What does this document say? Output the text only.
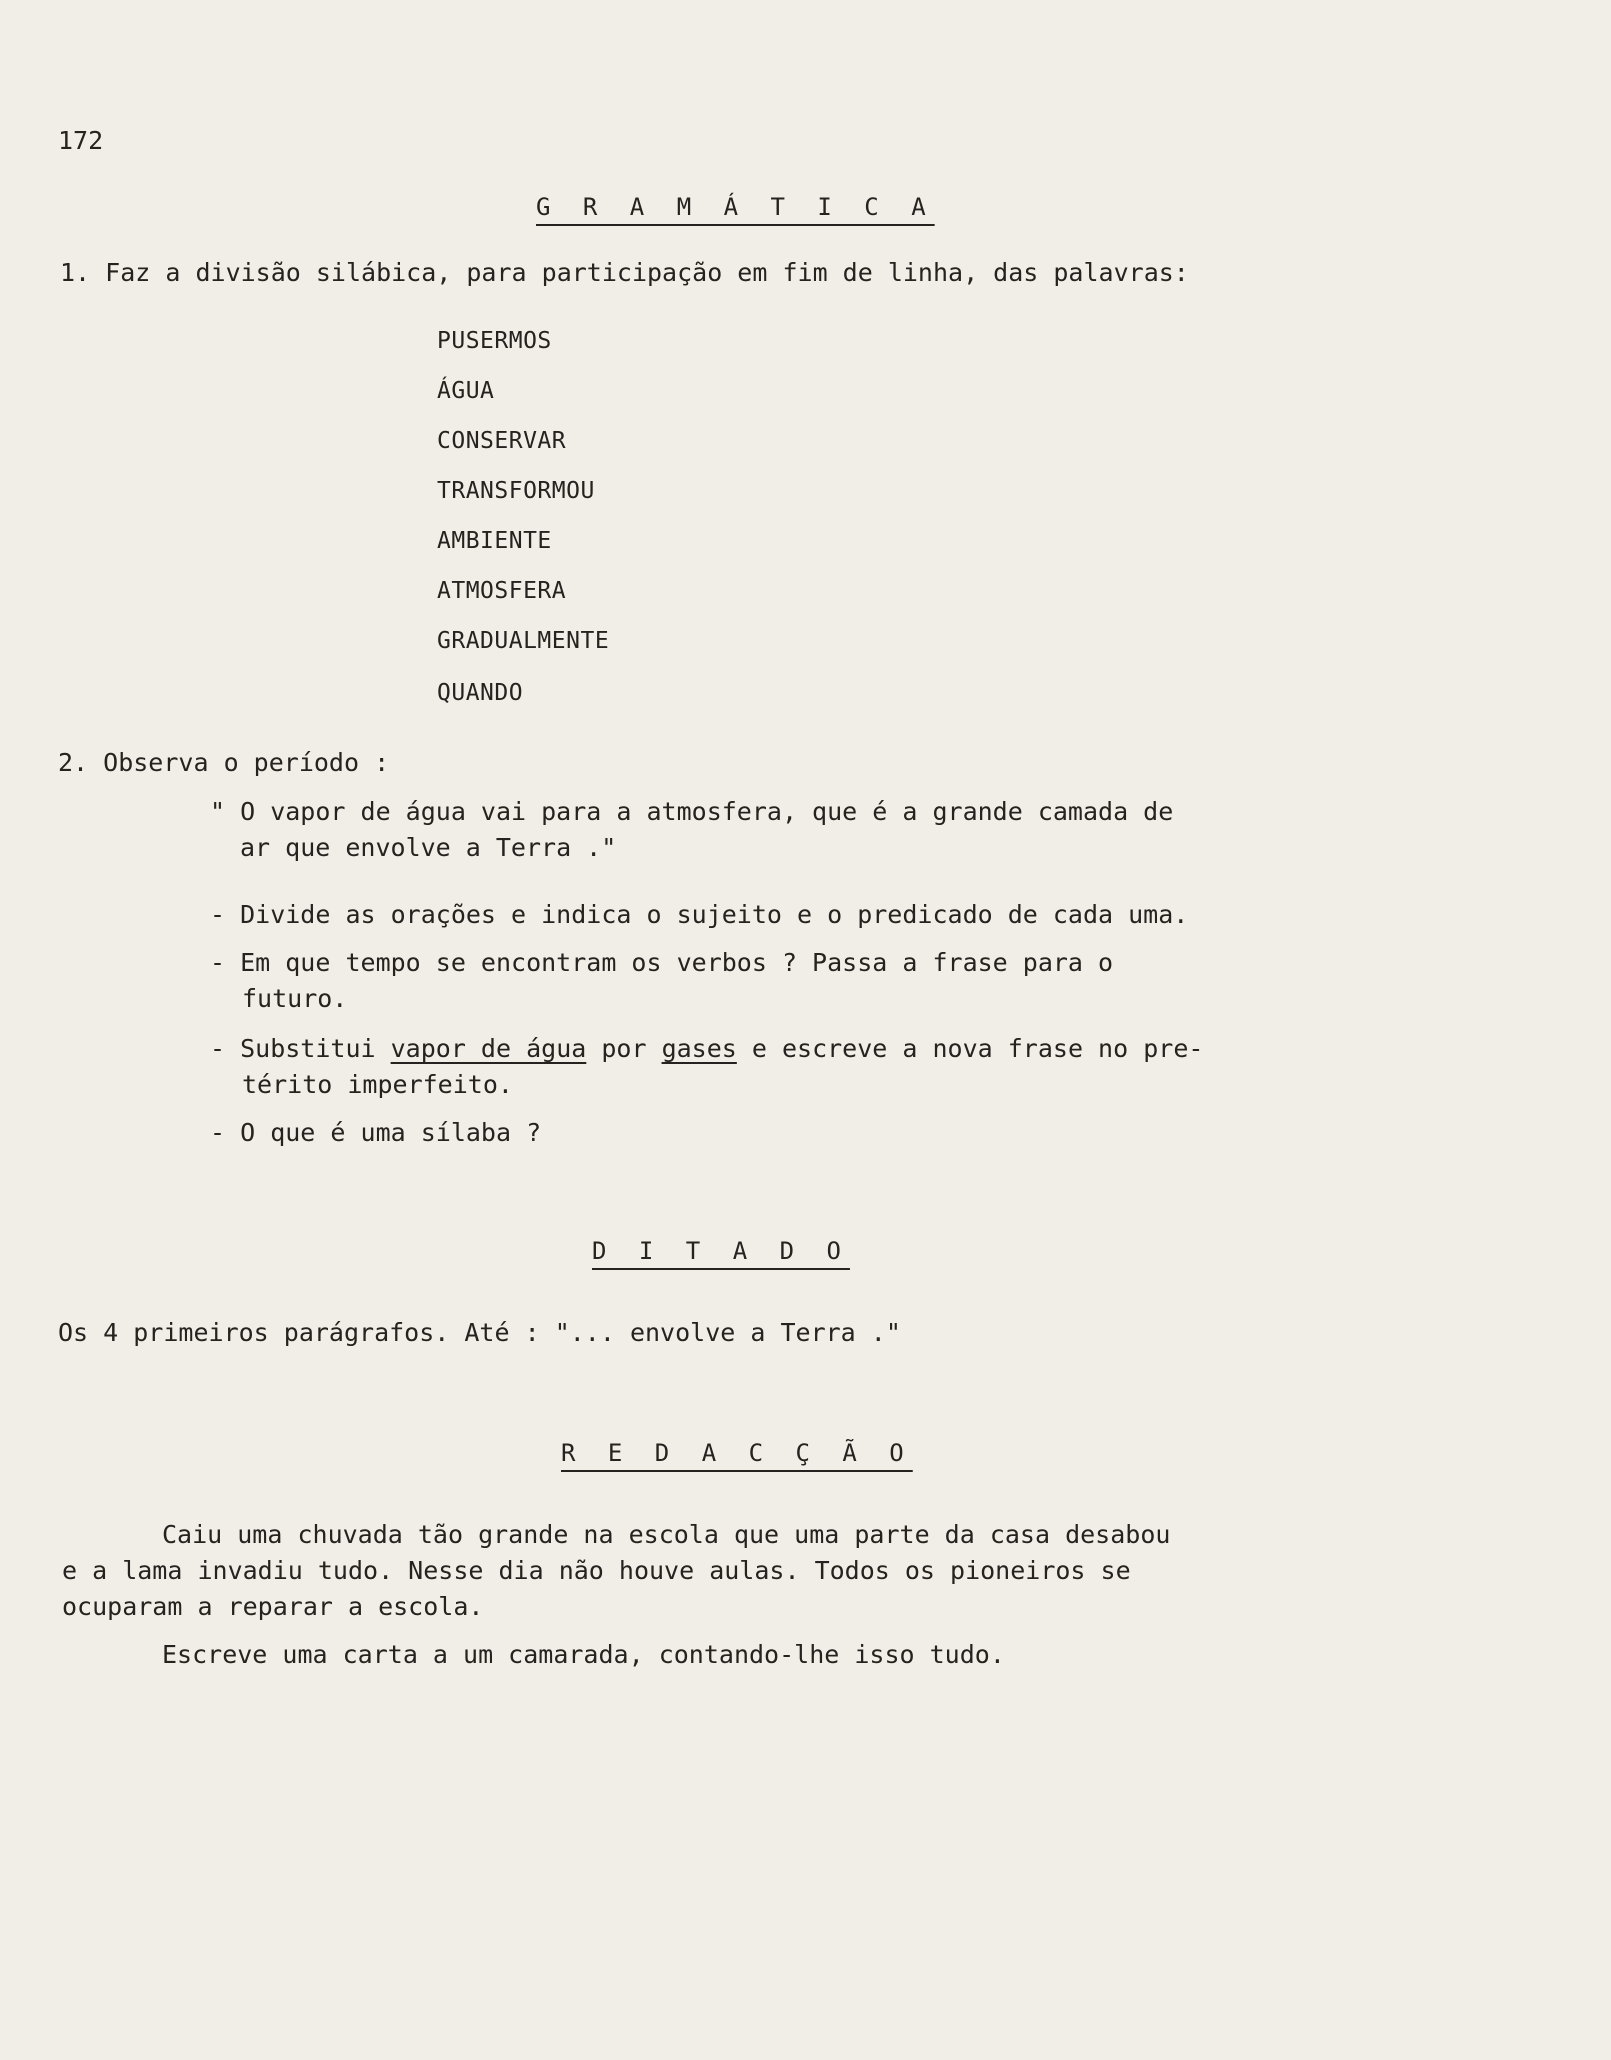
172
G R A M Á T I C A
1. Faz a divisão silábica, para participação em fim de linha, das palavras:
PUSERMOS
ÁGUA
CONSERVAR
TRANSFORMOU
AMBIENTE
ATMOSFERA
GRADUALMENTE
QUANDO
2. Observa o período :
" O vapor de água vai para a atmosfera, que é a grande camada de
ar que envolve a Terra ."
- Divide as orações e indica o sujeito e o predicado de cada uma.
- Em que tempo se encontram os verbos ? Passa a frase para o
futuro.
- Substitui vapor de água por gases e escreve a nova frase no pre-
térito imperfeito.
- O que é uma sílaba ?
D I T A D O
Os 4 primeiros parágrafos. Até : "... envolve a Terra ."
R E D A C Ç Ã O
Caiu uma chuvada tão grande na escola que uma parte da casa desabou
e a lama invadiu tudo. Nesse dia não houve aulas. Todos os pioneiros se
ocuparam a reparar a escola.
Escreve uma carta a um camarada, contando-lhe isso tudo.
